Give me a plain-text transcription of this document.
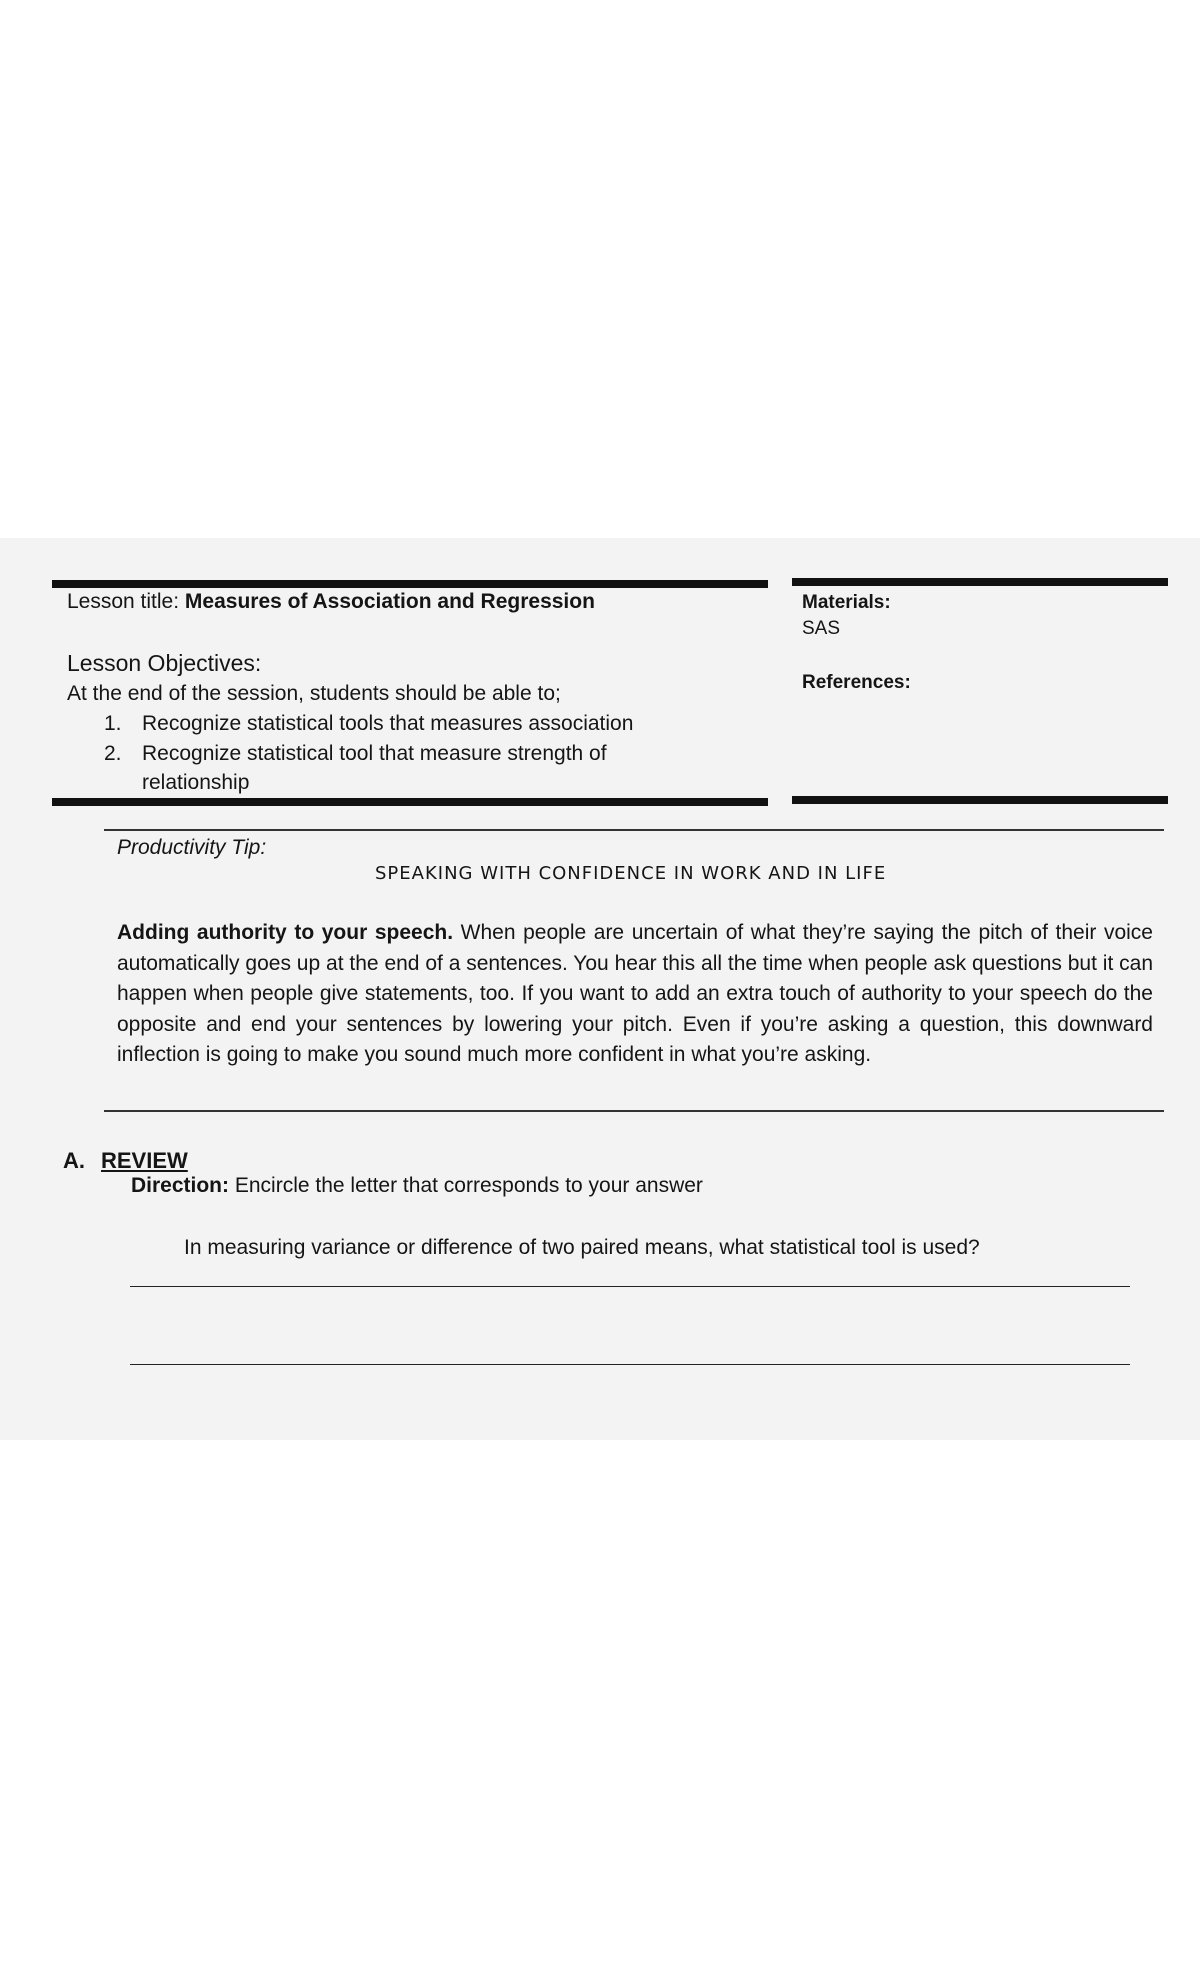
Lesson title: Measures of Association and Regression	Materials:
SAS
References:
Lesson Objectives:
At the end of the session, students should be able to;
1. Recognize statistical tools that measures association
2. Recognize statistical tool that measure strength of
relationship
Productivity Tip:
SPEAKING WITH CONFIDENCE IN WORK AND IN LIFE
Adding authority to your speech. When people are uncertain of what they’re saying the pitch of their voice automatically goes up at the end of a sentences. You hear this all the time when people ask questions but it can happen when people give statements, too. If you want to add an extra touch of authority to your speech do the opposite and end your sentences by lowering your pitch. Even if you’re asking a question, this downward inflection is going to make you sound much more confident in what you’re asking.
A. REVIEW
Direction: Encircle the letter that corresponds to your answer
In measuring variance or difference of two paired means, what statistical tool is used?
